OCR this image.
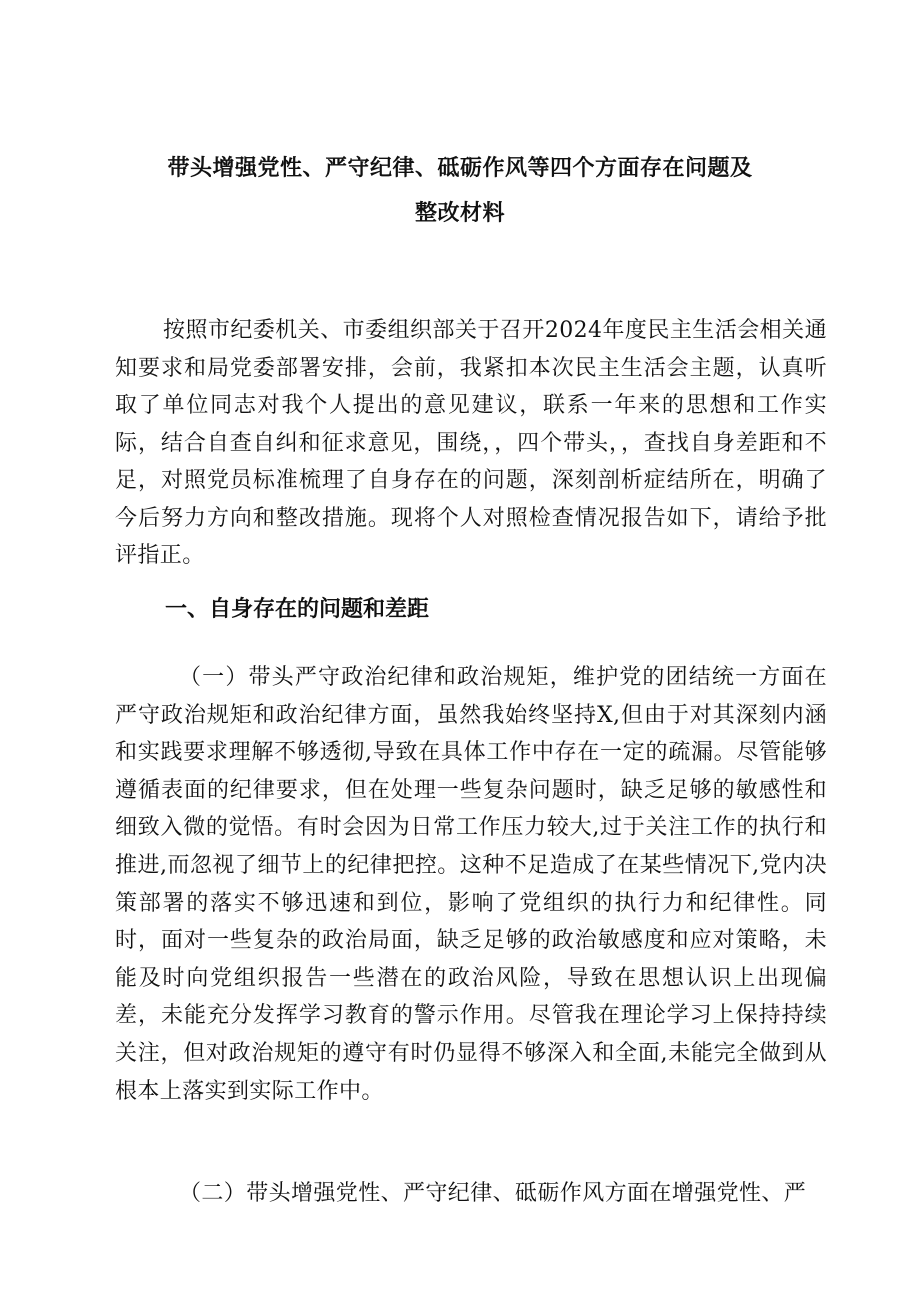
带头增强党性、严守纪律、砥砺作风等四个方面存在问题及
整改材料

按照市纪委机关、市委组织部关于召开2024年度民主生活会相关通知要求和局党委部署安排，会前，我紧扣本次民主生活会主题，认真听取了单位同志对我个人提出的意见建议，联系一年来的思想和工作实际，结合自查自纠和征求意见，围绕，，四个带头，，查找自身差距和不足，对照党员标准梳理了自身存在的问题，深刻剖析症结所在，明确了今后努力方向和整改措施。现将个人对照检查情况报告如下，请给予批评指正。

一、自身存在的问题和差距

（一）带头严守政治纪律和政治规矩，维护党的团结统一方面在严守政治规矩和政治纪律方面，虽然我始终坚持X,但由于对其深刻内涵和实践要求理解不够透彻,导致在具体工作中存在一定的疏漏。尽管能够遵循表面的纪律要求，但在处理一些复杂问题时，缺乏足够的敏感性和细致入微的觉悟。有时会因为日常工作压力较大,过于关注工作的执行和推进,而忽视了细节上的纪律把控。这种不足造成了在某些情况下,党内决策部署的落实不够迅速和到位，影响了党组织的执行力和纪律性。同时，面对一些复杂的政治局面，缺乏足够的政治敏感度和应对策略，未能及时向党组织报告一些潜在的政治风险，导致在思想认识上出现偏差，未能充分发挥学习教育的警示作用。尽管我在理论学习上保持持续关注，但对政治规矩的遵守有时仍显得不够深入和全面,未能完全做到从根本上落实到实际工作中。

（二）带头增强党性、严守纪律、砥砺作风方面在增强党性、严
